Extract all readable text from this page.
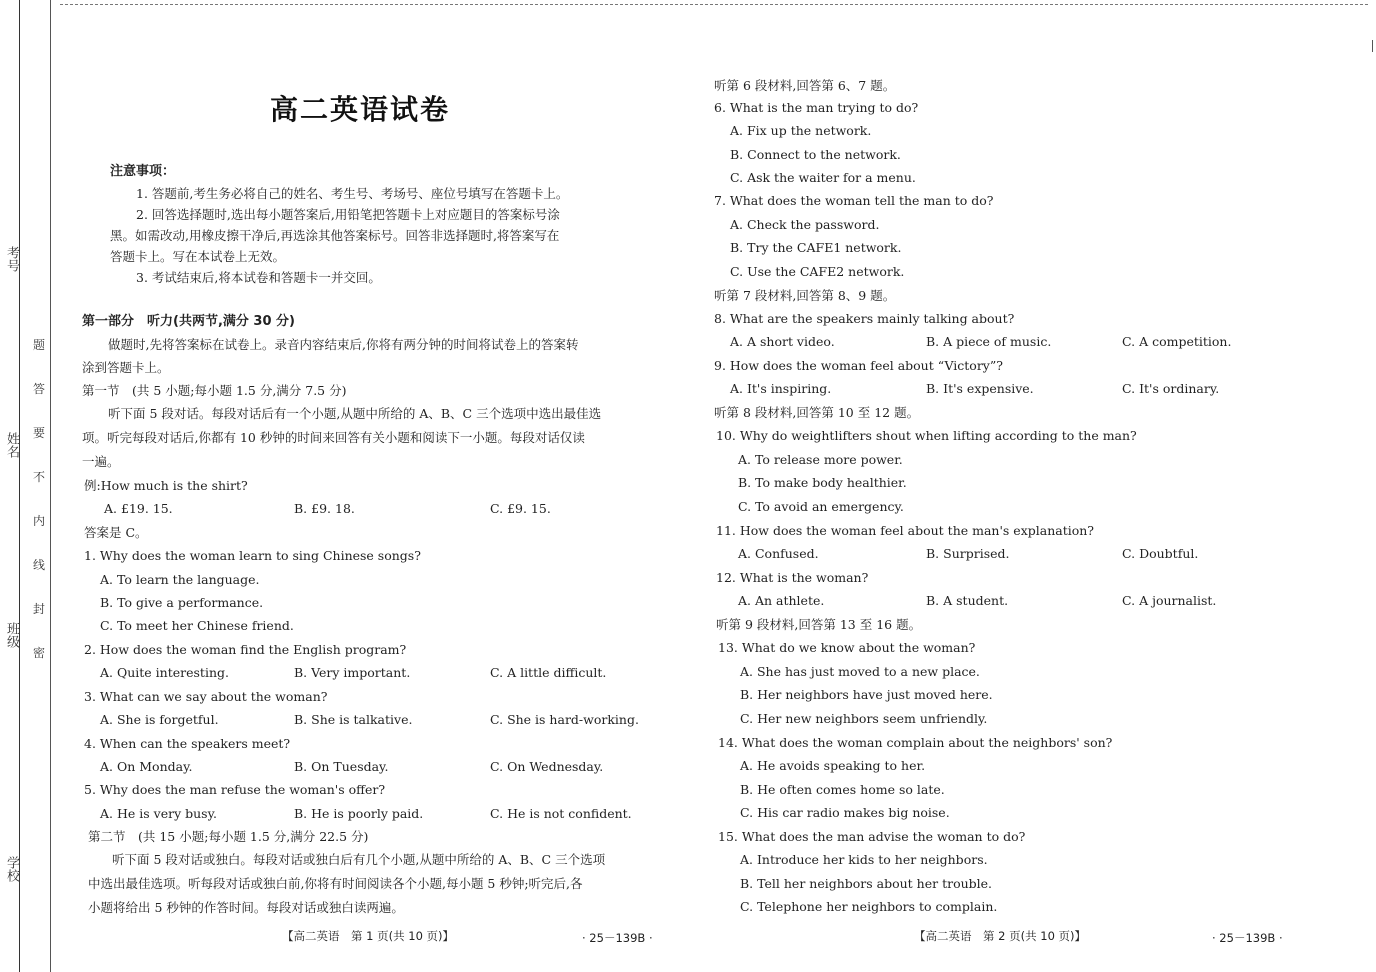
考号
姓名
班级
学校
题
答
要
不
内
线
封
密
高二英语试卷
注意事项：
1. 答题前,考生务必将自己的姓名、考生号、考场号、座位号填写在答题卡上。
2. 回答选择题时,选出每小题答案后,用铅笔把答题卡上对应题目的答案标号涂
黑。如需改动,用橡皮擦干净后,再选涂其他答案标号。回答非选择题时,将答案写在
答题卡上。写在本试卷上无效。
3. 考试结束后,将本试卷和答题卡一并交回。
第一部分　听力(共两节,满分 30 分)
做题时,先将答案标在试卷上。录音内容结束后,你将有两分钟的时间将试卷上的答案转
涂到答题卡上。
第一节　(共 5 小题;每小题 1.5 分,满分 7.5 分)
听下面 5 段对话。每段对话后有一个小题,从题中所给的 A、B、C 三个选项中选出最佳选
项。听完每段对话后,你都有 10 秒钟的时间来回答有关小题和阅读下一小题。每段对话仅读
一遍。
例:How much is the shirt?
A. £19. 15.	B. £9. 18.	C. £9. 15.
答案是 C。
1. Why does the woman learn to sing Chinese songs?
A. To learn the language.
B. To give a performance.
C. To meet her Chinese friend.
2. How does the woman find the English program?
A. Quite interesting.	B. Very important.	C. A little difficult.
3. What can we say about the woman?
A. She is forgetful.	B. She is talkative.	C. She is hard-working.
4. When can the speakers meet?
A. On Monday.	B. On Tuesday.	C. On Wednesday.
5. Why does the man refuse the woman's offer?
A. He is very busy.	B. He is poorly paid.	C. He is not confident.
第二节　(共 15 小题;每小题 1.5 分,满分 22.5 分)
听下面 5 段对话或独白。每段对话或独白后有几个小题,从题中所给的 A、B、C 三个选项
中选出最佳选项。听每段对话或独白前,你将有时间阅读各个小题,每小题 5 秒钟;听完后,各
小题将给出 5 秒钟的作答时间。每段对话或独白读两遍。
【高二英语　第 1 页(共 10 页)】	· 25－139B ·
听第 6 段材料,回答第 6、7 题。
6. What is the man trying to do?
A. Fix up the network.
B. Connect to the network.
C. Ask the waiter for a menu.
7. What does the woman tell the man to do?
A. Check the password.
B. Try the CAFE1 network.
C. Use the CAFE2 network.
听第 7 段材料,回答第 8、9 题。
8. What are the speakers mainly talking about?
A. A short video.	B. A piece of music.	C. A competition.
9. How does the woman feel about “Victory”?
A. It's inspiring.	B. It's expensive.	C. It's ordinary.
听第 8 段材料,回答第 10 至 12 题。
10. Why do weightlifters shout when lifting according to the man?
A. To release more power.
B. To make body healthier.
C. To avoid an emergency.
11. How does the woman feel about the man's explanation?
A. Confused.	B. Surprised.	C. Doubtful.
12. What is the woman?
A. An athlete.	B. A student.	C. A journalist.
听第 9 段材料,回答第 13 至 16 题。
13. What do we know about the woman?
A. She has just moved to a new place.
B. Her neighbors have just moved here.
C. Her new neighbors seem unfriendly.
14. What does the woman complain about the neighbors' son?
A. He avoids speaking to her.
B. He often comes home so late.
C. His car radio makes big noise.
15. What does the man advise the woman to do?
A. Introduce her kids to her neighbors.
B. Tell her neighbors about her trouble.
C. Telephone her neighbors to complain.
【高二英语　第 2 页(共 10 页)】	· 25－139B ·
